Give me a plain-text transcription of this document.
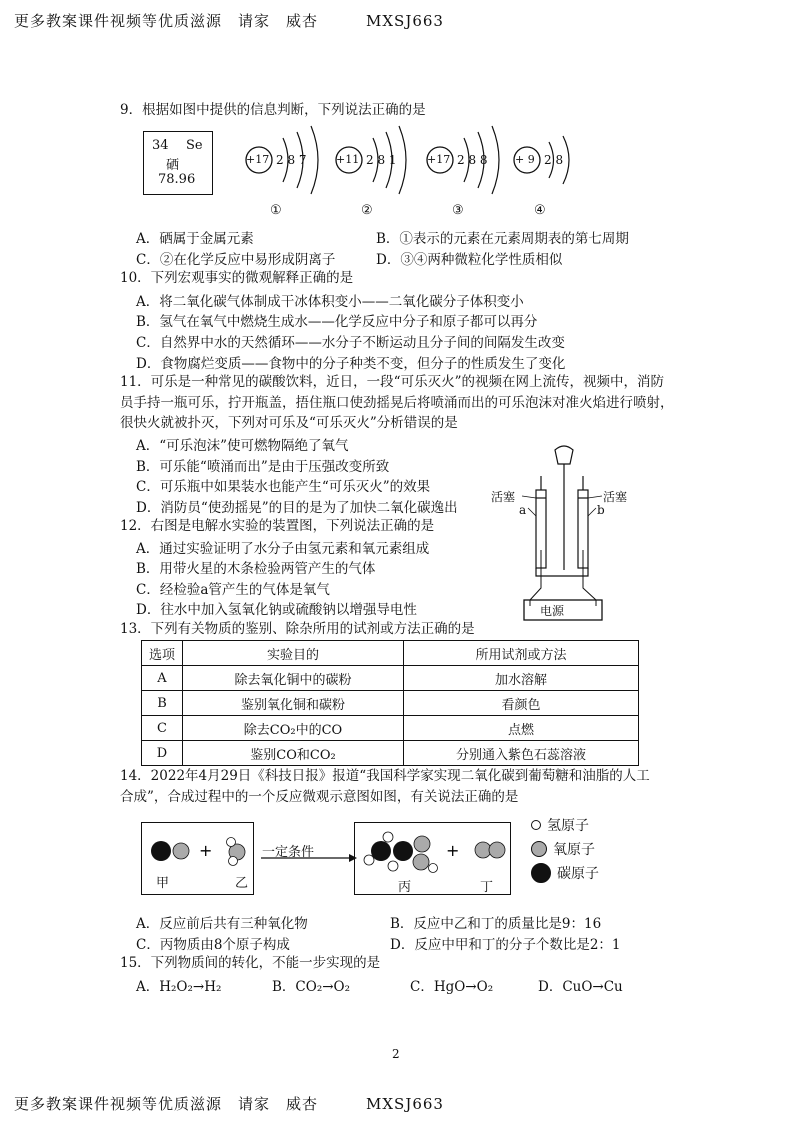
更多教案课件视频等优质滋源　请家　威杏　　　MXSJ663
9．根据如图中提供的信息判断，下列说法正确的是
34 Se
硒
78.96
+17 2 8 7	+11 2 8 1	+17 2 8 8 + 9 2 8
①	②	③	④
A．硒属于金属元素	B．①表示的元素在元素周期表的第七周期
C．②在化学反应中易形成阴离子	D．③④两种微粒化学性质相似
10．下列宏观事实的微观解释正确的是
A．将二氧化碳气体制成干冰体积变小——二氧化碳分子体积变小
B．氢气在氧气中燃烧生成水——化学反应中分子和原子都可以再分
C．自然界中水的天然循环——水分子不断运动且分子间的间隔发生改变
D．食物腐烂变质——食物中的分子种类不变，但分子的性质发生了变化
11．可乐是一种常见的碳酸饮料，近日，一段“可乐灭火”的视频在网上流传，视频中，消防
员手持一瓶可乐，拧开瓶盖，捂住瓶口使劲摇晃后将喷涌而出的可乐泡沫对准火焰进行喷射，
很快火就被扑灭，下列对可乐及“可乐灭火”分析错误的是
A．“可乐泡沫”使可燃物隔绝了氧气
B．可乐能“喷涌而出”是由于压强改变所致
C．可乐瓶中如果装水也能产生“可乐灭火”的效果
D．消防员“使劲摇晃”的目的是为了加快二氧化碳逸出
12．右图是电解水实验的装置图，下列说法正确的是
A．通过实验证明了水分子由氢元素和氧元素组成
B．用带火星的木条检验两管产生的气体
C．经检验a管产生的气体是氧气
D．往水中加入氢氧化钠或硫酸钠以增强导电性
活塞	活塞
a	b
电源
13．下列有关物质的鉴别、除杂所用的试剂或方法正确的是
选项	实验目的	所用试剂或方法
A	除去氧化铜中的碳粉	加水溶解
B	鉴别氧化铜和碳粉	看颜色
C	除去CO₂中的CO	点燃
D	鉴别CO和CO₂	分别通入紫色石蕊溶液
14．2022年4月29日《科技日报》报道“我国科学家实现二氧化碳到葡萄糖和油脂的人工
合成”，合成过程中的一个反应微观示意图如图，有关说法正确的是
+	+
甲	乙
一定条件
丙	丁
氢原子
氧原子
碳原子
A．反应前后共有三种氧化物	B．反应中乙和丁的质量比是9：16
C．丙物质由8个原子构成	D．反应中甲和丁的分子个数比是2：1
15．下列物质间的转化，不能一步实现的是
A．H₂O₂→H₂	B．CO₂→O₂	C．HgO→O₂	D．CuO→Cu
2
更多教案课件视频等优质滋源　请家　威杏　　　MXSJ663
